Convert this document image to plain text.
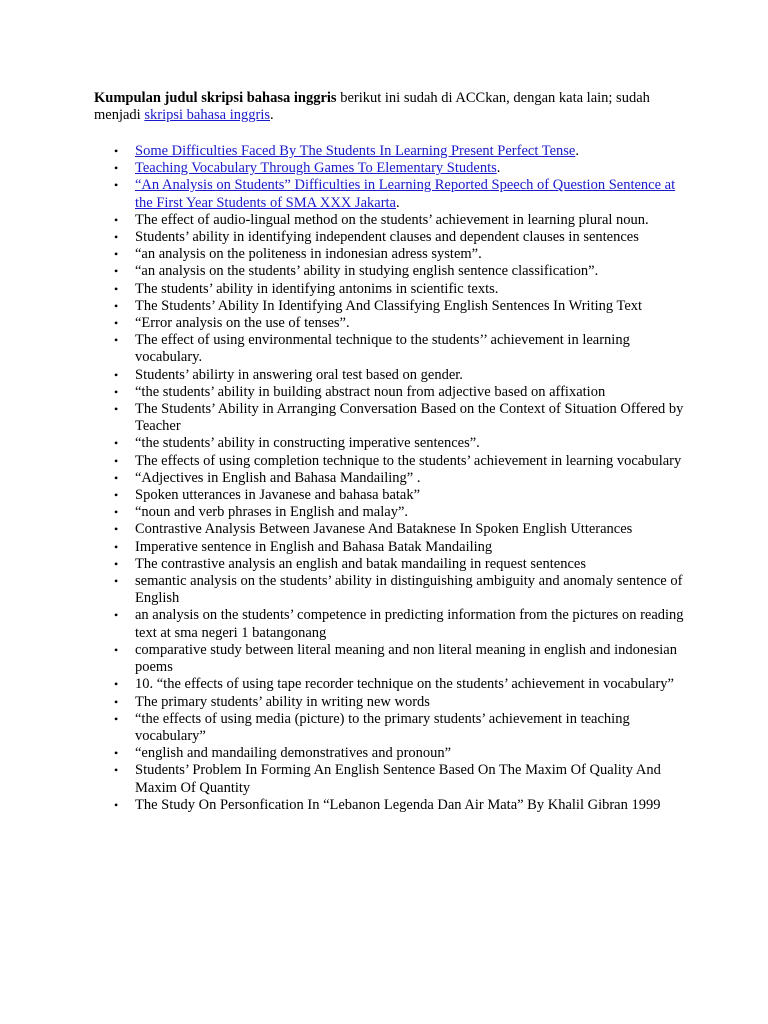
Kumpulan judul skripsi bahasa inggris berikut ini sudah di ACCkan, dengan kata lain; sudah menjadi skripsi bahasa inggris.

• Some Difficulties Faced By The Students In Learning Present Perfect Tense.
• Teaching Vocabulary Through Games To Elementary Students.
• “An Analysis on Students” Difficulties in Learning Reported Speech of Question Sentence at the First Year Students of SMA XXX Jakarta.
• The effect of audio-lingual method on the students’ achievement in learning plural noun.
• Students’ ability in identifying independent clauses and dependent clauses in sentences
• “an analysis on the politeness in indonesian adress system”.
• “an analysis on the students’ ability in studying english sentence classification”.
• The students’ ability in identifying antonims in scientific texts.
• The Students’ Ability In Identifying And Classifying English Sentences In Writing Text
• “Error analysis on the use of tenses”.
• The effect of using environmental technique to the students’’ achievement in learning vocabulary.
• Students’ abilirty in answering oral test based on gender.
• “the students’ ability in building abstract noun from adjective based on affixation
• The Students’ Ability in Arranging Conversation Based on the Context of Situation Offered by Teacher
• “the students’ ability in constructing imperative sentences”.
• The effects of using completion technique to the students’ achievement in learning vocabulary
• “Adjectives in English and Bahasa Mandailing” .
• Spoken utterances in Javanese and bahasa batak”
• “noun and verb phrases in English and malay”.
• Contrastive Analysis Between Javanese And Bataknese In Spoken English Utterances
• Imperative sentence in English and Bahasa Batak Mandailing
• The contrastive analysis an english and batak mandailing in request sentences
• semantic analysis on the students’ ability in distinguishing ambiguity and anomaly sentence of English
• an analysis on the students’ competence in predicting information from the pictures on reading text at sma negeri 1 batangonang
• comparative study between literal meaning and non literal meaning in english and indonesian poems
• 10. “the effects of using tape recorder technique on the students’ achievement in vocabulary”
• The primary students’ ability in writing new words
• “the effects of using media (picture) to the primary students’ achievement in teaching vocabulary”
• “english and mandailing demonstratives and pronoun”
• Students’ Problem In Forming An English Sentence Based On The Maxim Of Quality And Maxim Of Quantity
• The Study On Personfication In “Lebanon Legenda Dan Air Mata” By Khalil Gibran 1999
